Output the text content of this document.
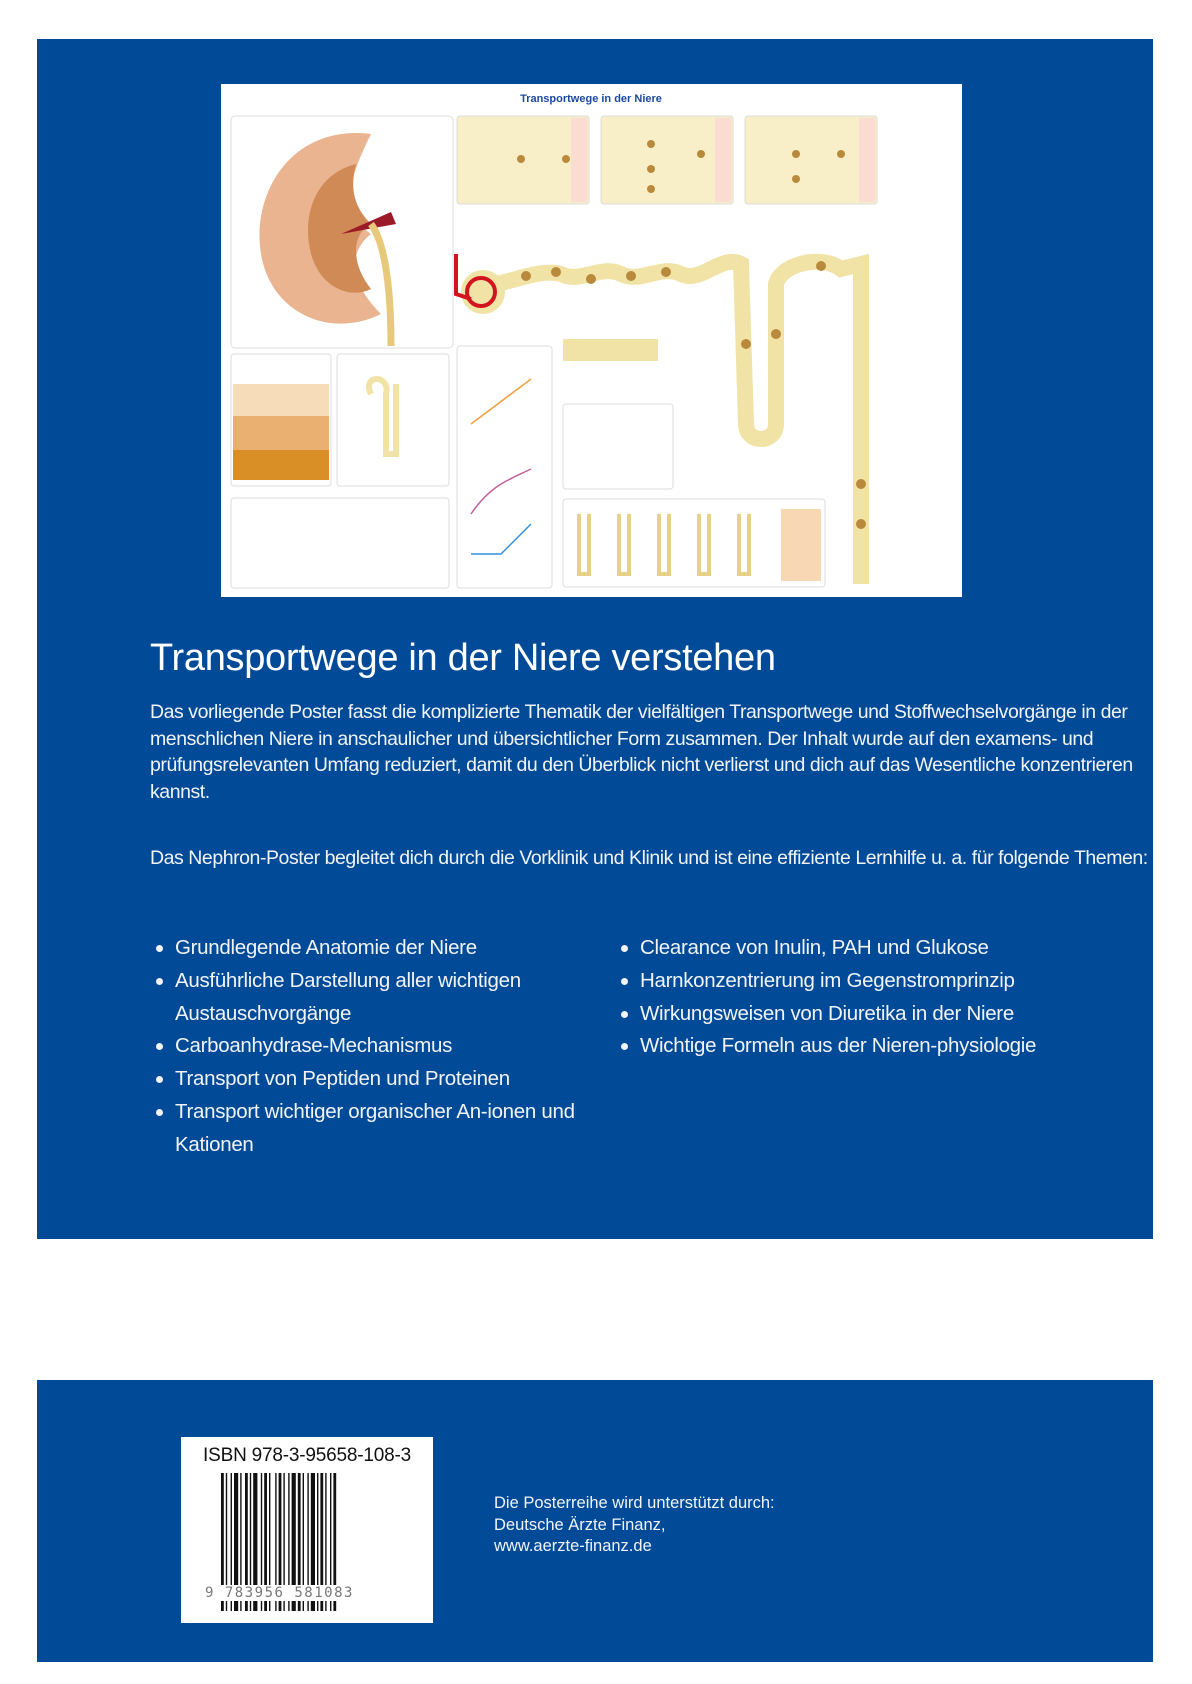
Transportwege in der Niere
Transportwege in der Niere verstehen

Das vorliegende Poster fasst die komplizierte Thematik der vielfältigen Transportwege und Stoffwechselvorgänge in der menschlichen Niere in anschaulicher und übersichtlicher Form zusammen. Der Inhalt wurde auf den examens- und prüfungsrelevanten Umfang reduziert, damit du den Überblick nicht verlierst und dich auf das Wesentliche konzentrieren kannst.

Das Nephron-Poster begleitet dich durch die Vorklinik und Klinik und ist eine effiziente Lernhilfe u. a. für folgende Themen:

Grundlegende Anatomie der Niere
Ausführliche Darstellung aller wichtigen Austauschvorgänge
Carboanhydrase-Mechanismus
Transport von Peptiden und Proteinen
Transport wichtiger organischer An-ionen und Kationen
Clearance von Inulin, PAH und Glukose
Harnkonzentrierung im Gegenstromprinzip
Wirkungsweisen von Diuretika in der Niere
Wichtige Formeln aus der Nieren-physiologie
ISBN 978-3-95658-108-3
9 783956 581083
Die Posterreihe wird unterstützt durch:
Deutsche Ärzte Finanz,
www.aerzte-finanz.de
